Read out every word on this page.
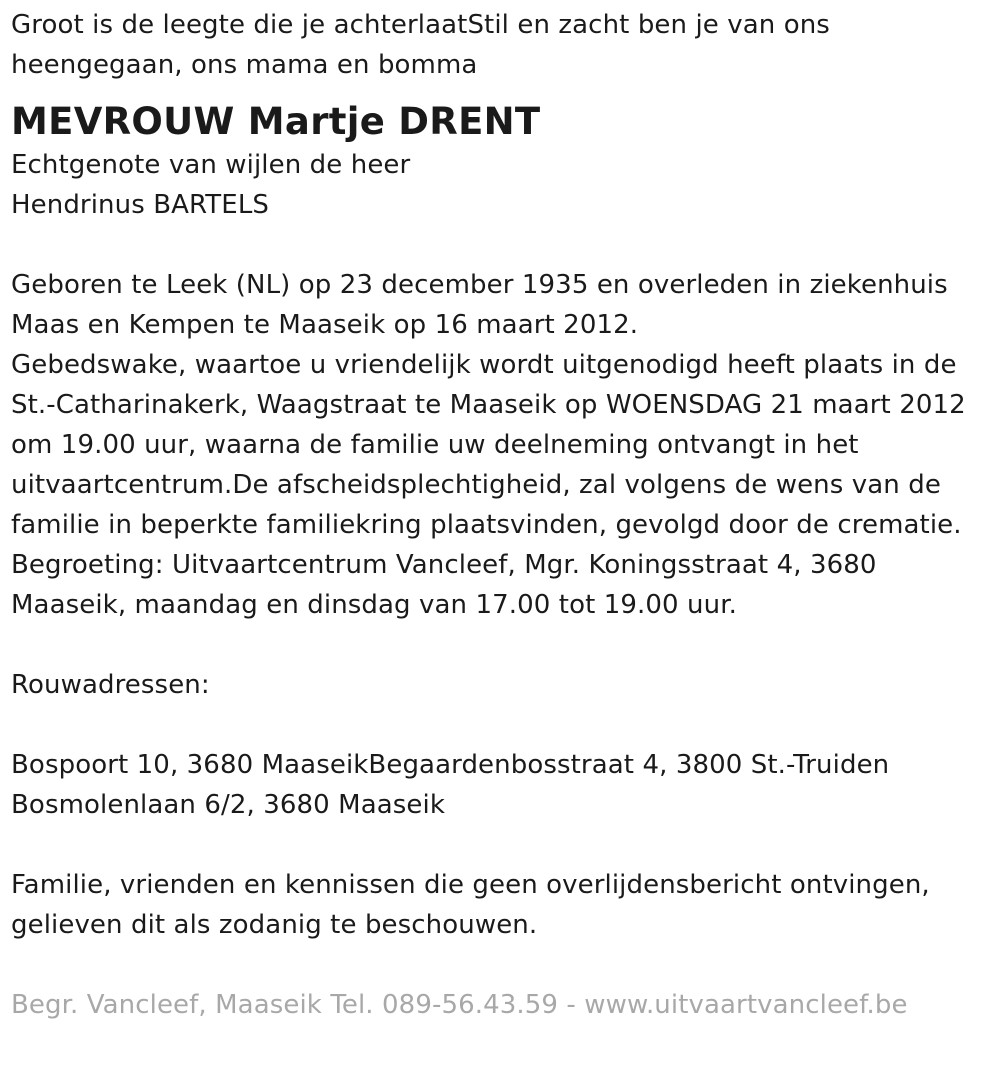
Groot is de leegte die je achterlaatStil en zacht ben je van ons
heengegaan, ons mama en bomma
MEVROUW Martje DRENT
Echtgenote van wijlen de heer
Hendrinus BARTELS
Geboren te Leek (NL) op 23 december 1935 en overleden in ziekenhuis
Maas en Kempen te Maaseik op 16 maart 2012.
Gebedswake, waartoe u vriendelijk wordt uitgenodigd heeft plaats in de
St.-Catharinakerk, Waagstraat te Maaseik op WOENSDAG 21 maart 2012
om 19.00 uur, waarna de familie uw deelneming ontvangt in het
uitvaartcentrum.De afscheidsplechtigheid, zal volgens de wens van de
familie in beperkte familiekring plaatsvinden, gevolgd door de crematie.
Begroeting: Uitvaartcentrum Vancleef, Mgr. Koningsstraat 4, 3680
Maaseik, maandag en dinsdag van 17.00 tot 19.00 uur.
Rouwadressen:
Bospoort 10, 3680 MaaseikBegaardenbosstraat 4, 3800 St.-Truiden
Bosmolenlaan 6/2, 3680 Maaseik
Familie, vrienden en kennissen die geen overlijdensbericht ontvingen,
gelieven dit als zodanig te beschouwen.
Begr. Vancleef, Maaseik Tel. 089-56.43.59 - www.uitvaartvancleef.be
